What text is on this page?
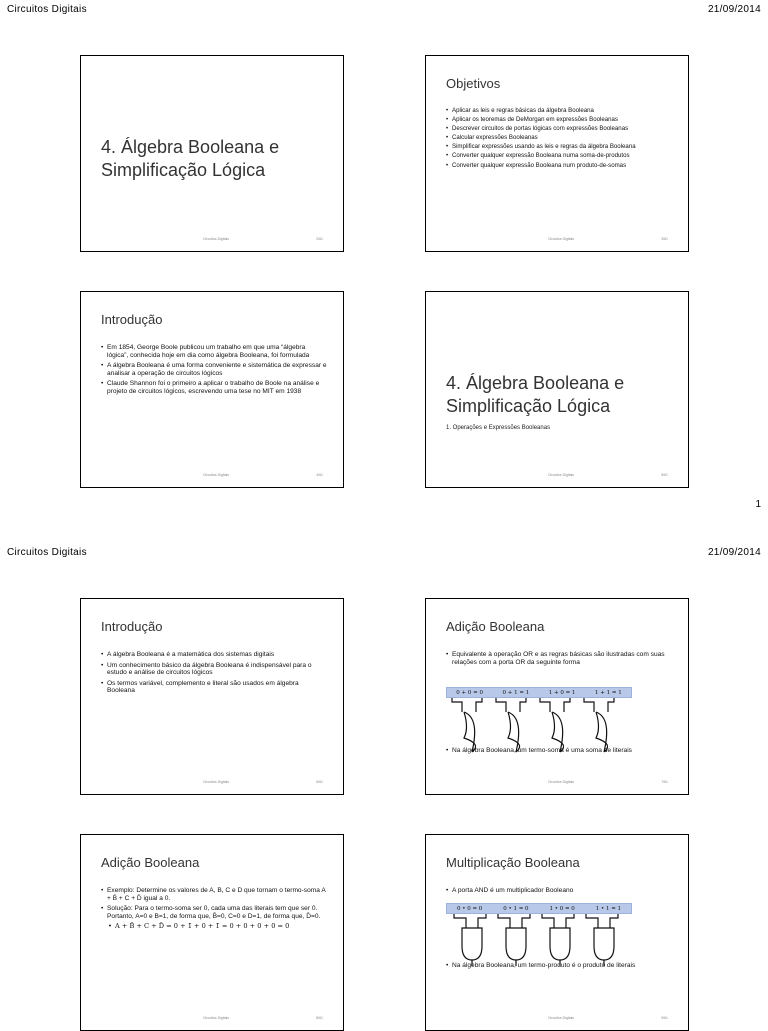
Circuitos Digitais	21/09/2014
4. Álgebra Booleana e
Simplificação Lógica
Circuitos Digitais	2/61
Objetivos
• Aplicar as leis e regras básicas da álgebra Booleana
• Aplicar os teoremas de DeMorgan em expressões Booleanas
• Descrever circuitos de portas lógicas com expressões Booleanas
• Calcular expressões Booleanas
• Simplificar expressões usando as leis e regras da álgebra Booleana
• Converter qualquer expressão Booleana numa soma-de-produtos
• Converter qualquer expressão Booleana num produto-de-somas
Circuitos Digitais	3/61
Introdução
• Em 1854, George Boole publicou um trabalho em que uma “álgebra lógica”, conhecida hoje em dia como álgebra Booleana, foi formulada
• A álgebra Booleana é uma forma conveniente e sistemática de expressar e analisar a operação de circuitos lógicos
• Claude Shannon foi o primeiro a aplicar o trabalho de Boole na análise e projeto de circuitos lógicos, escrevendo uma tese no MIT em 1938
Circuitos Digitais	4/61
4. Álgebra Booleana e
Simplificação Lógica
1. Operações e Expressões Booleanas
Circuitos Digitais	5/61
1
Circuitos Digitais	21/09/2014
Introdução
• A álgebra Booleana é a matemática dos sistemas digitais
• Um conhecimento básico da álgebra Booleana é indispensável para o estudo e análise de circuitos lógicos
• Os termos variável, complemento e literal são usados em álgebra Booleana
Circuitos Digitais	6/61
Adição Booleana
• Equivalente à operação OR e as regras básicas são ilustradas com suas relações com a porta OR da seguinte forma
0 + 0 = 0	0 + 1 = 1	1 + 0 = 1	1 + 1 = 1
• Na álgebra Booleana, um termo-soma é uma soma de literais
Circuitos Digitais	7/61
Adição Booleana
• Exemplo: Determine os valores de A, B, C e D que tornam o termo-soma A + B̄ + C + D̄ igual a 0.
• Solução: Para o termo-soma ser 0, cada uma das literais tem que ser 0. Portanto, A=0 e B=1, de forma que, B̄=0, C=0 e D=1, de forma que, D̄=0.
• A + B̄ + C + D̄ = 0 + 1̄ + 0 + 1̄ = 0 + 0 + 0 + 0 = 0
Circuitos Digitais	8/61
Multiplicação Booleana
• A porta AND é um multiplicador Booleano
0 • 0 = 0	0 • 1 = 0	1 • 0 = 0	1 • 1 = 1
• Na álgebra Booleana, um termo-produto é o produto de literais
Circuitos Digitais	9/61
